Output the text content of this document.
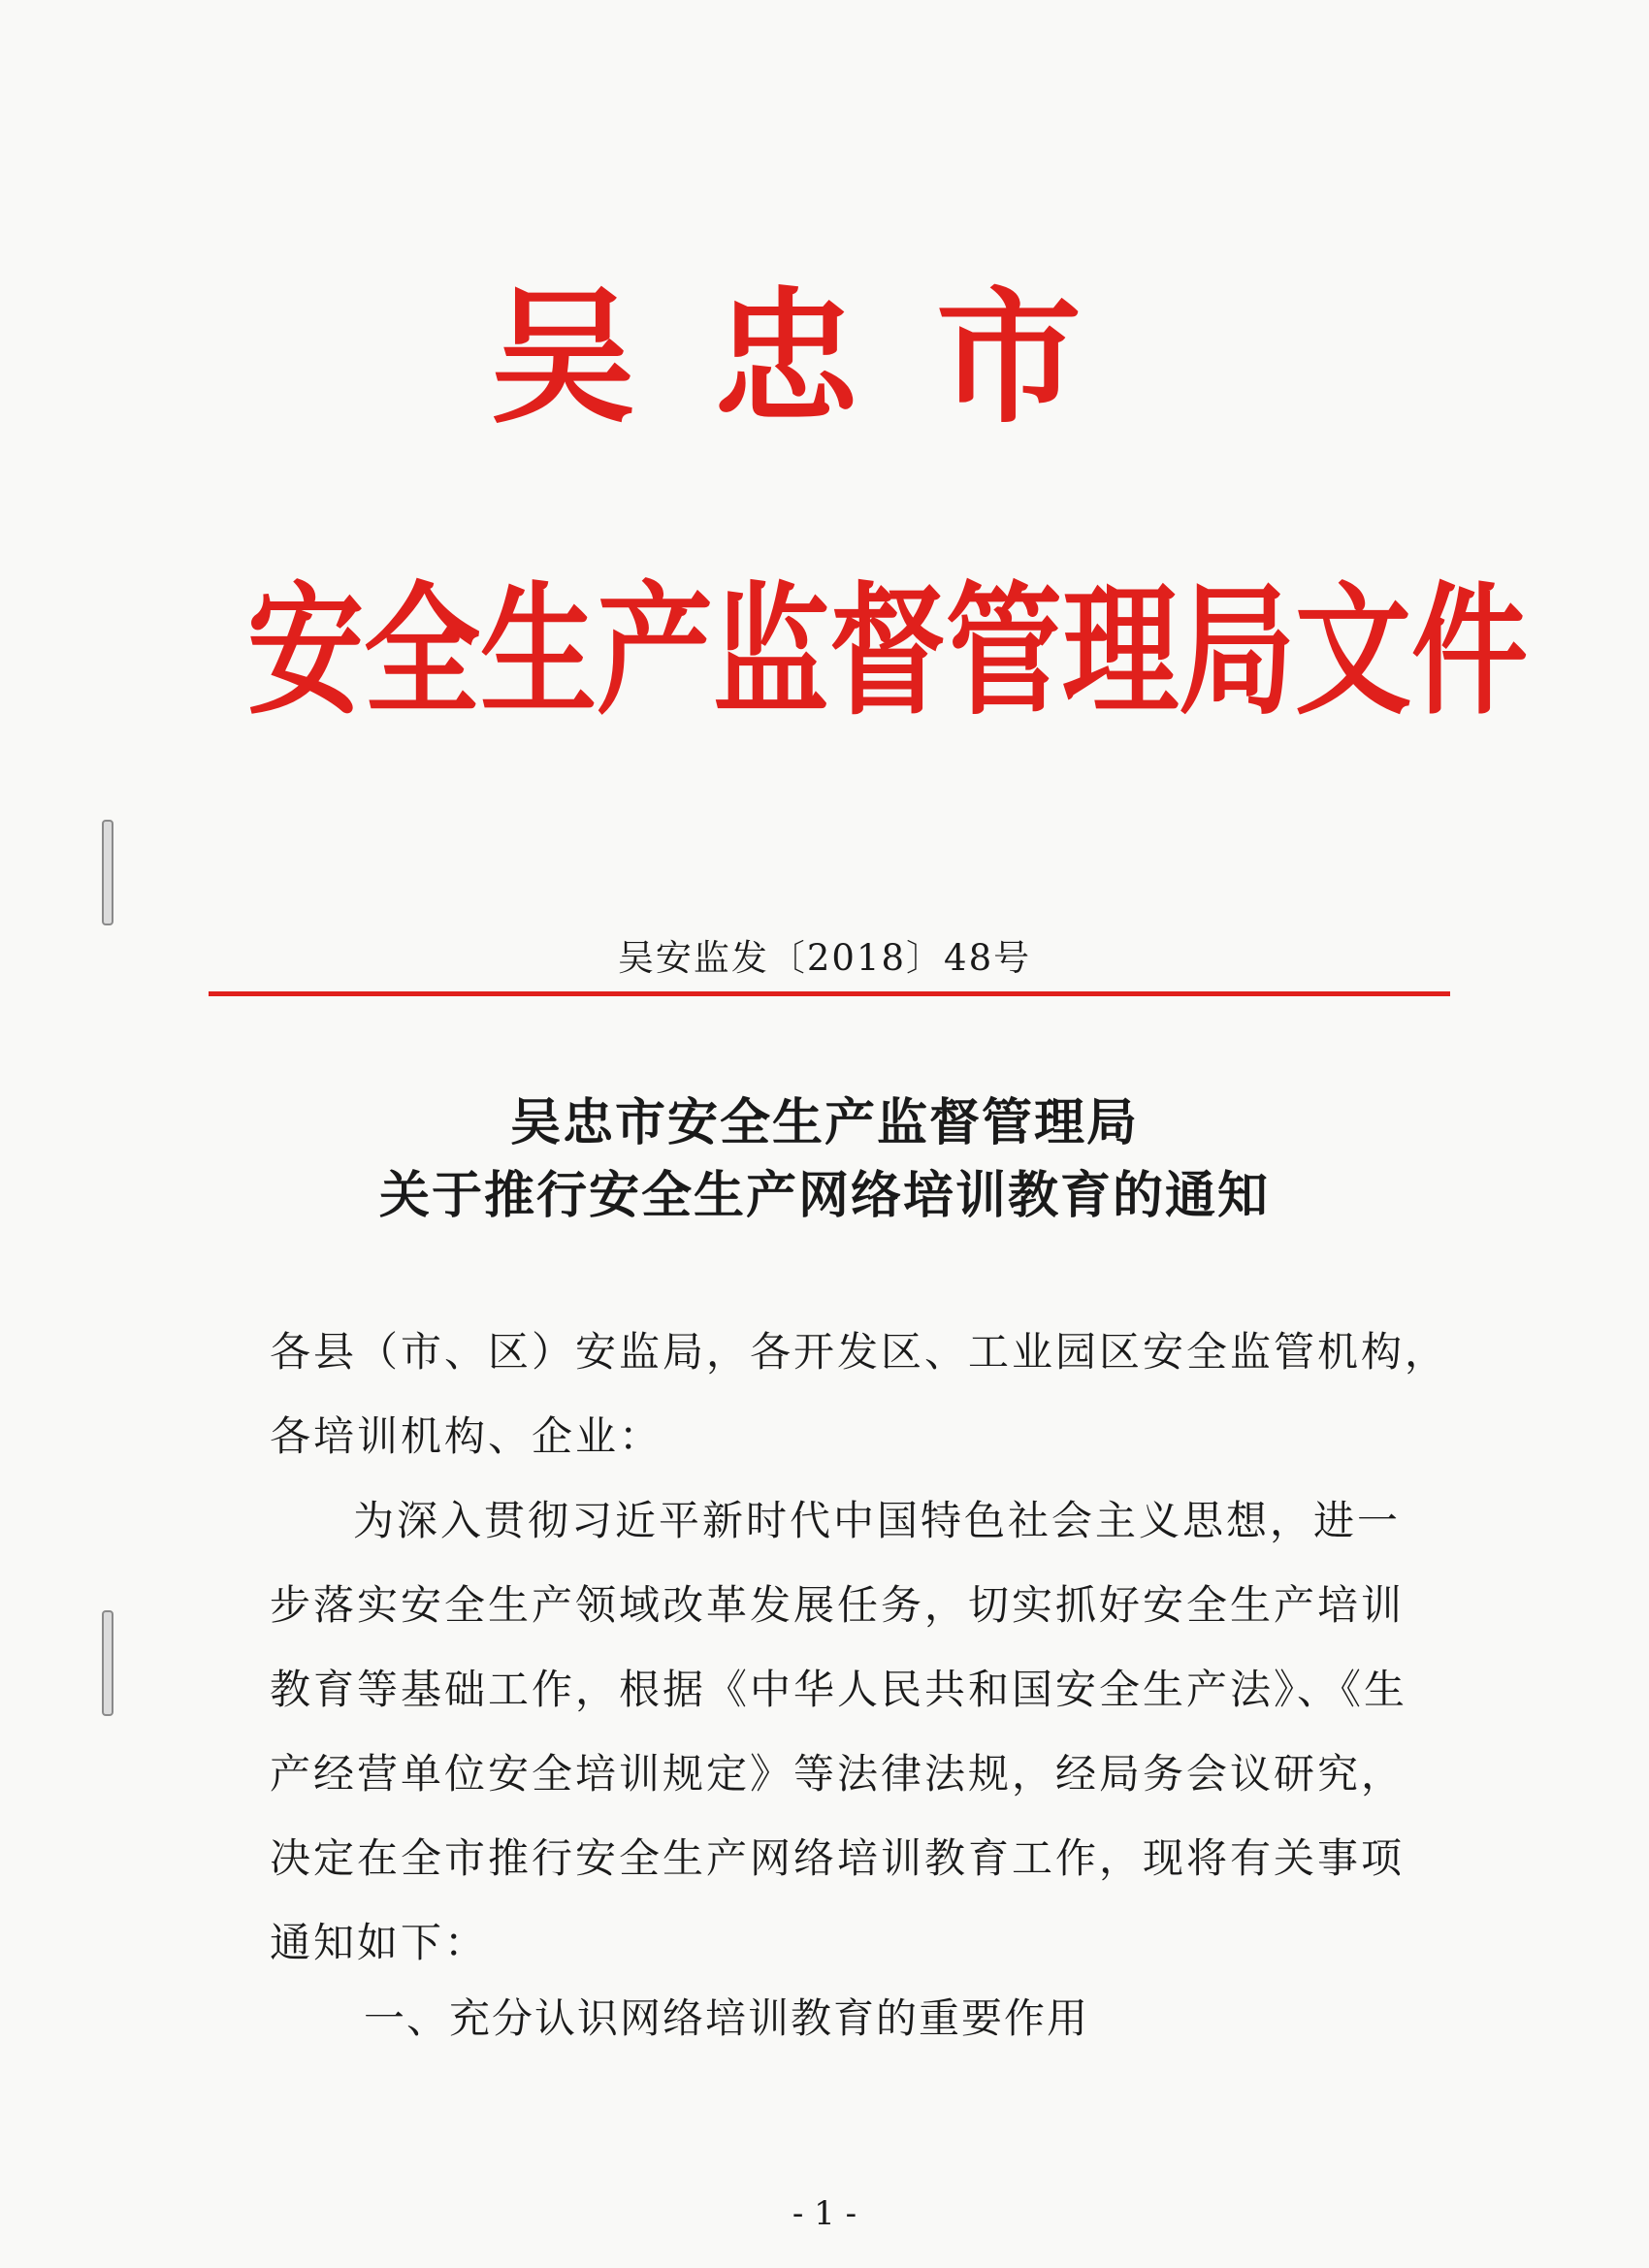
吴忠市
安全生产监督管理局文件
吴安监发〔2018〕48号
吴忠市安全生产监督管理局
关于推行安全生产网络培训教育的通知
各县（市、区）安监局，各开发区、工业园区安全监管机构，
各培训机构、企业：
为深入贯彻习近平新时代中国特色社会主义思想，进一
步落实安全生产领域改革发展任务，切实抓好安全生产培训
教育等基础工作，根据《中华人民共和国安全生产法》、《生
产经营单位安全培训规定》等法律法规，经局务会议研究，
决定在全市推行安全生产网络培训教育工作，现将有关事项
通知如下：
一、充分认识网络培训教育的重要作用
- 1 -
